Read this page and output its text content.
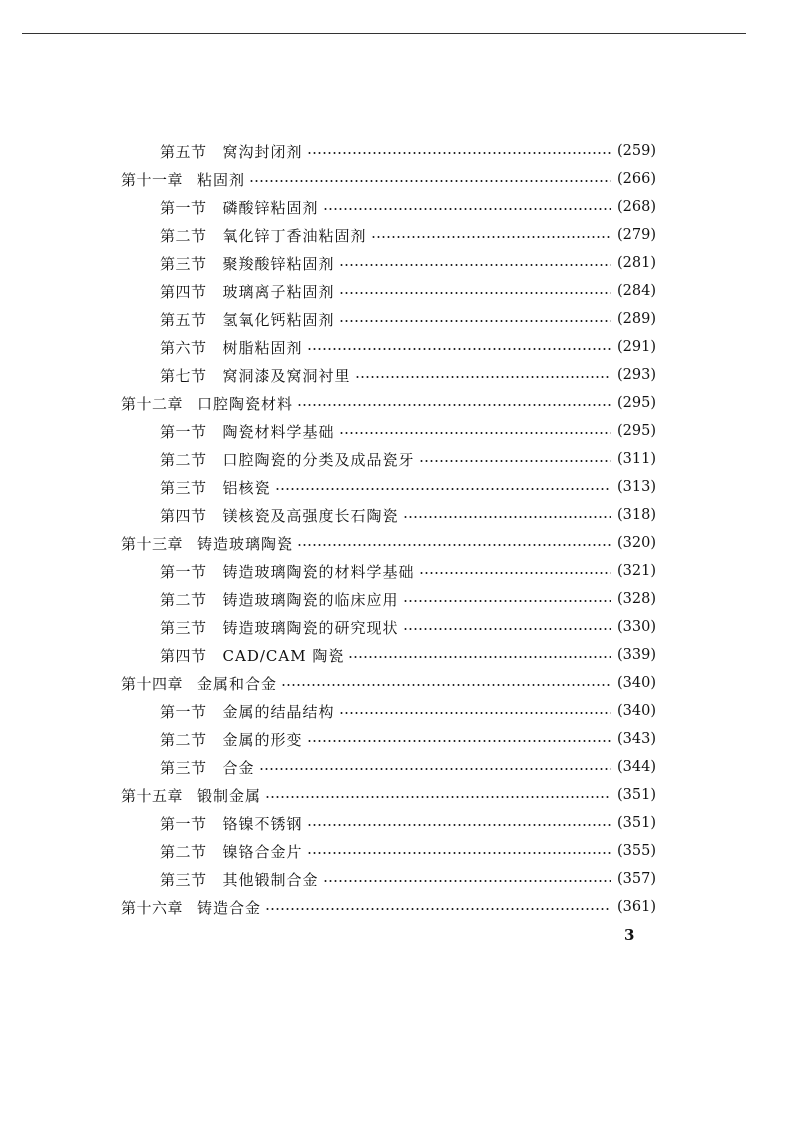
第五节 窝沟封闭剂	(259)
第十一章 粘固剂	(266)
第一节 磷酸锌粘固剂	(268)
第二节 氧化锌丁香油粘固剂	(279)
第三节 聚羧酸锌粘固剂	(281)
第四节 玻璃离子粘固剂	(284)
第五节 氢氧化钙粘固剂	(289)
第六节 树脂粘固剂	(291)
第七节 窝洞漆及窝洞衬里	(293)
第十二章 口腔陶瓷材料	(295)
第一节 陶瓷材料学基础	(295)
第二节 口腔陶瓷的分类及成品瓷牙	(311)
第三节 铝核瓷	(313)
第四节 镁核瓷及高强度长石陶瓷	(318)
第十三章 铸造玻璃陶瓷	(320)
第一节 铸造玻璃陶瓷的材料学基础	(321)
第二节 铸造玻璃陶瓷的临床应用	(328)
第三节 铸造玻璃陶瓷的研究现状	(330)
第四节 CAD/CAM 陶瓷	(339)
第十四章 金属和合金	(340)
第一节 金属的结晶结构	(340)
第二节 金属的形变	(343)
第三节 合金	(344)
第十五章 锻制金属	(351)
第一节 铬镍不锈钢	(351)
第二节 镍铬合金片	(355)
第三节 其他锻制合金	(357)
第十六章 铸造合金	(361)
3
